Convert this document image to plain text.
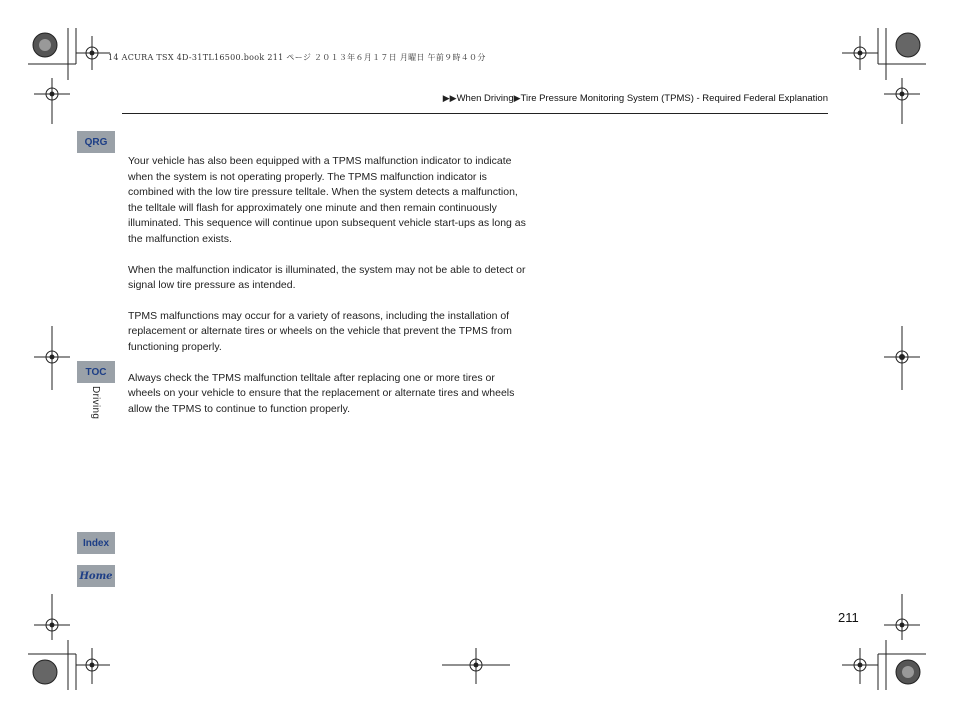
14 ACURA TSX 4D-31TL16500.book 211 ページ ２０１３年６月１７日 月曜日 午前９時４０分
▶▶When Driving▶Tire Pressure Monitoring System (TPMS) - Required Federal Explanation
QRG
TOC
Driving
Index
Home

Your vehicle has also been equipped with a TPMS malfunction indicator to indicate when the system is not operating properly. The TPMS malfunction indicator is combined with the low tire pressure telltale. When the system detects a malfunction, the telltale will flash for approximately one minute and then remain continuously illuminated. This sequence will continue upon subsequent vehicle start-ups as long as the malfunction exists.

When the malfunction indicator is illuminated, the system may not be able to detect or signal low tire pressure as intended.

TPMS malfunctions may occur for a variety of reasons, including the installation of replacement or alternate tires or wheels on the vehicle that prevent the TPMS from functioning properly.

Always check the TPMS malfunction telltale after replacing one or more tires or wheels on your vehicle to ensure that the replacement or alternate tires and wheels allow the TPMS to continue to function properly.

211
